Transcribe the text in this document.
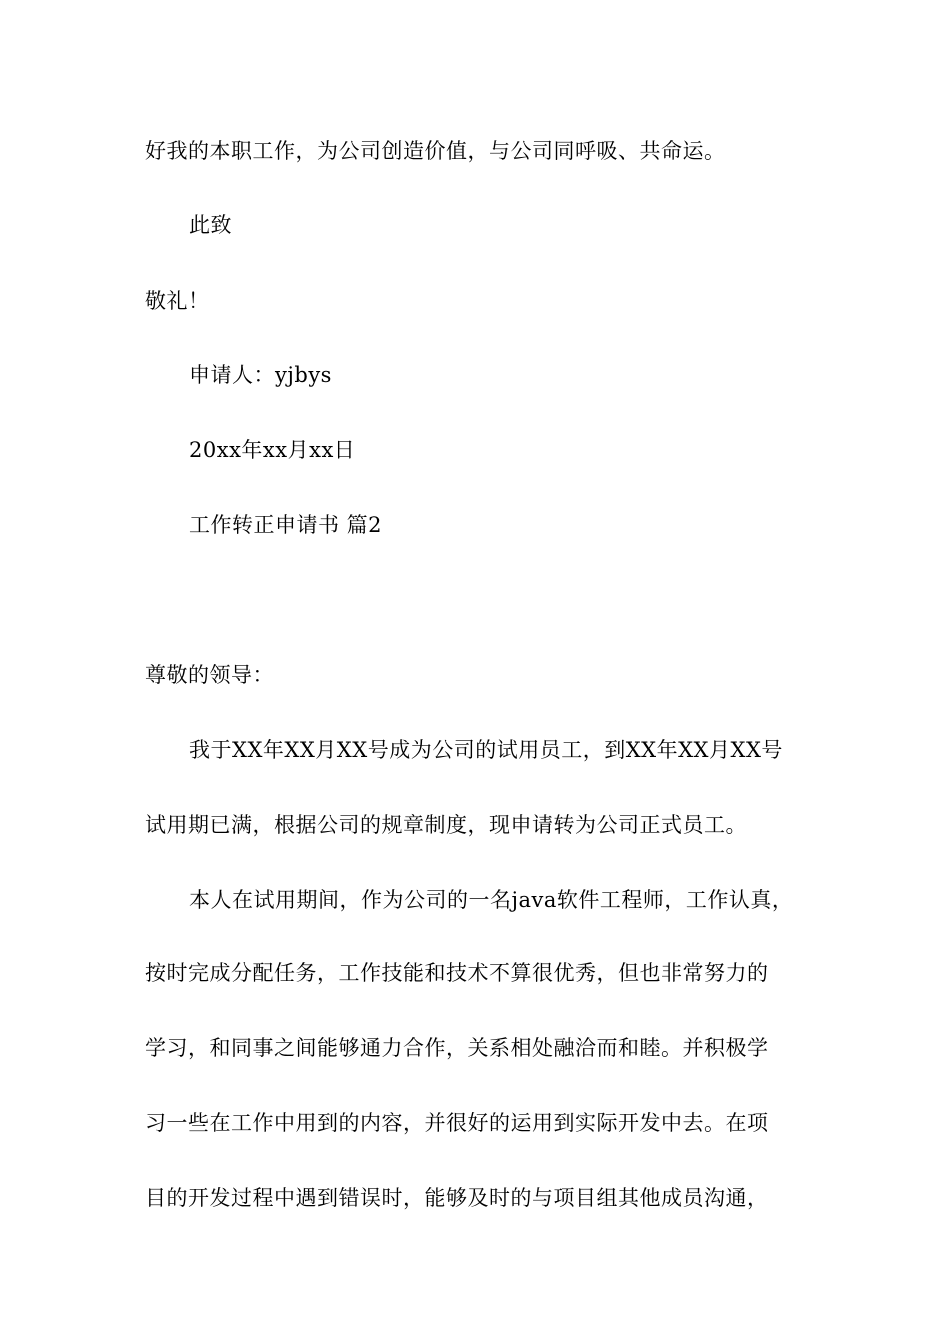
好我的本职工作，为公司创造价值，与公司同呼吸、共命运。
此致
敬礼！
申请人：yjbys
20xx年xx月xx日
工作转正申请书 篇2
尊敬的领导：
我于XX年XX月XX号成为公司的试用员工，到XX年XX月XX号
试用期已满，根据公司的规章制度，现申请转为公司正式员工。
本人在试用期间，作为公司的一名java软件工程师，工作认真，
按时完成分配任务，工作技能和技术不算很优秀，但也非常努力的
学习，和同事之间能够通力合作，关系相处融洽而和睦。并积极学
习一些在工作中用到的内容，并很好的运用到实际开发中去。在项
目的开发过程中遇到错误时，能够及时的与项目组其他成员沟通，
